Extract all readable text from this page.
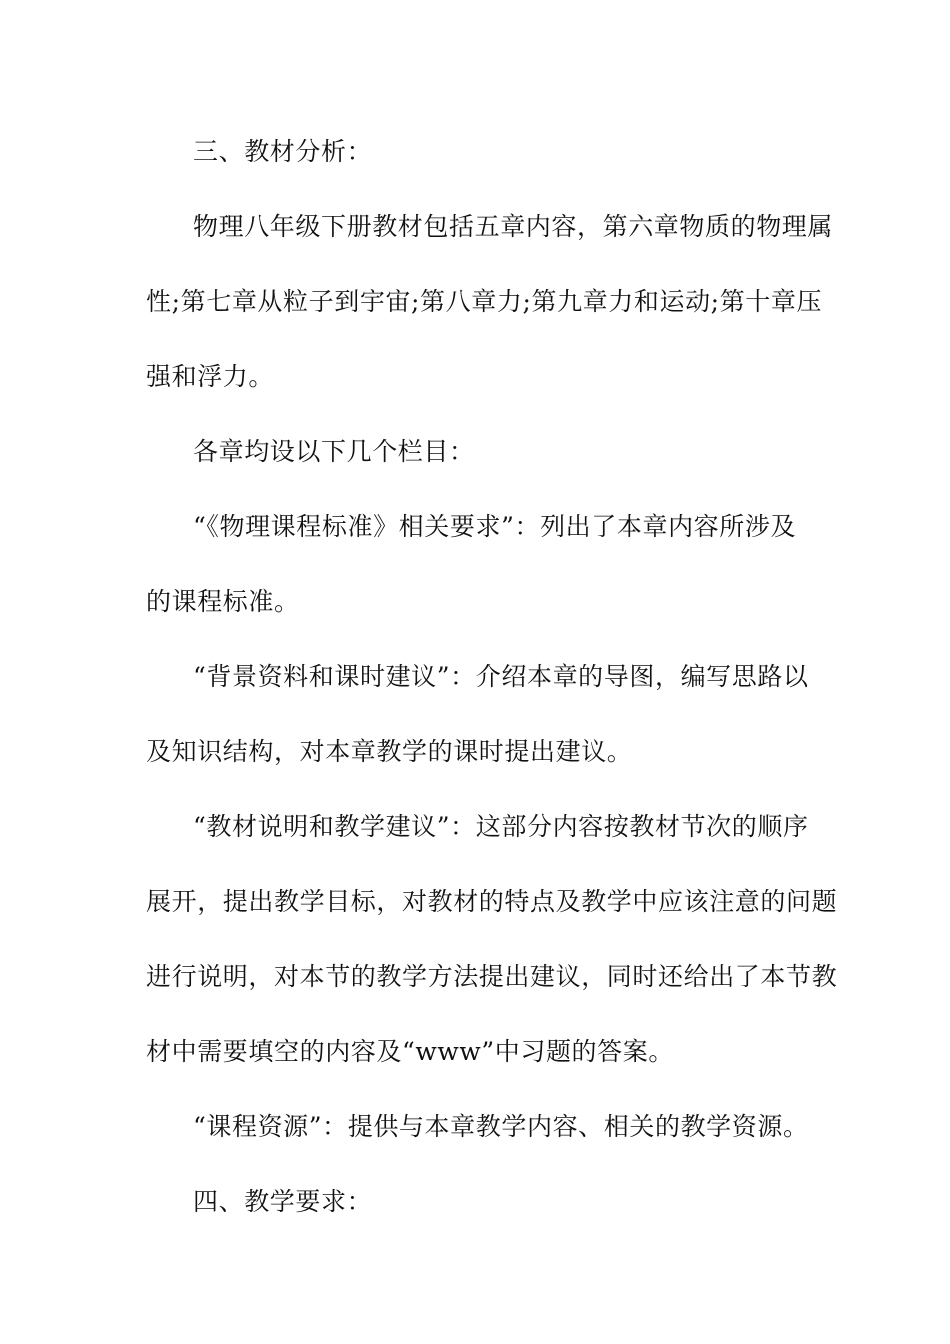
三、教材分析：
物理八年级下册教材包括五章内容，第六章物质的物理属
性;第七章从粒子到宇宙;第八章力;第九章力和运动;第十章压
强和浮力。
各章均设以下几个栏目：
“《物理课程标准》相关要求”：列出了本章内容所涉及
的课程标准。
“背景资料和课时建议”：介绍本章的导图，编写思路以
及知识结构，对本章教学的课时提出建议。
“教材说明和教学建议”：这部分内容按教材节次的顺序
展开，提出教学目标，对教材的特点及教学中应该注意的问题
进行说明，对本节的教学方法提出建议，同时还给出了本节教
材中需要填空的内容及“www”中习题的答案。
“课程资源”：提供与本章教学内容、相关的教学资源。
四、教学要求：
